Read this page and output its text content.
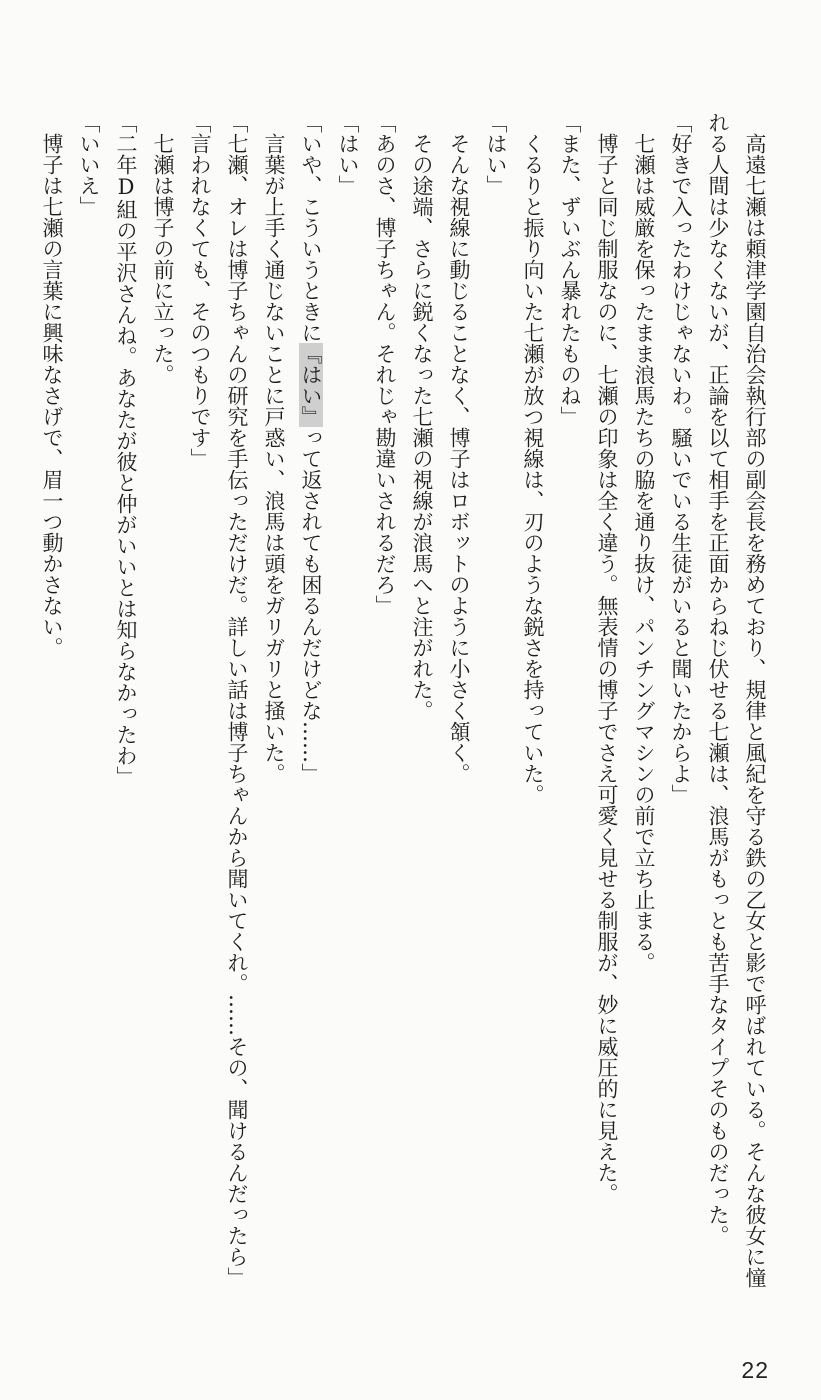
高遠七瀬は頼津学園自治会執行部の副会長を務めており、規律と風紀を守る鉄の乙女と影で呼ばれている。そんな彼女に憧れる人間は少なくないが、正論を以て相手を正面からねじ伏せる七瀬は、浪馬がもっとも苦手なタイプそのものだった。

「好きで入ったわけじゃないわ。騒いでいる生徒がいると聞いたからよ」

七瀬は威厳を保ったまま浪馬たちの脇を通り抜け、パンチングマシンの前で立ち止まる。

博子と同じ制服なのに、七瀬の印象は全く違う。無表情の博子でさえ可愛く見せる制服が、妙に威圧的に見えた。

「また、ずいぶん暴れたものね」

くるりと振り向いた七瀬が放つ視線は、刃のような鋭さを持っていた。

「はい」

そんな視線に動じることなく、博子はロボットのように小さく頷く。

その途端、さらに鋭くなった七瀬の視線が浪馬へと注がれた。

「あのさ、博子ちゃん。それじゃ勘違いされるだろ」

「はい」

「いや、こういうときに『はい』って返されても困るんだけどな……」

言葉が上手く通じないことに戸惑い、浪馬は頭をガリガリと掻いた。

「七瀬、オレは博子ちゃんの研究を手伝っただけだ。詳しい話は博子ちゃんから聞いてくれ。……その、聞けるんだったら」

「言われなくても、そのつもりです」

七瀬は博子の前に立った。

「二年D組の平沢さんね。あなたが彼と仲がいいとは知らなかったわ」

「いいえ」

博子は七瀬の言葉に興味なさげで、眉一つ動かさない。

22
